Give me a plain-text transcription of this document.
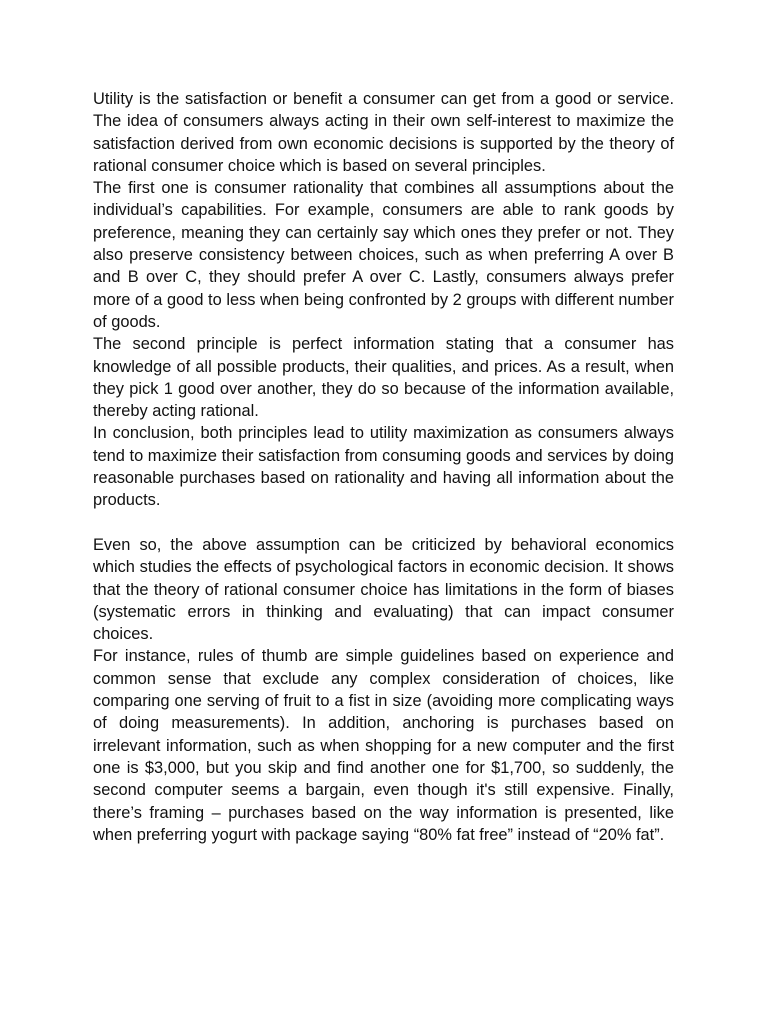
Utility is the satisfaction or benefit a consumer can get from a good or service. The idea of consumers always acting in their own self-interest to maximize the satisfaction derived from own economic decisions is supported by the theory of rational consumer choice which is based on several principles.

The first one is consumer rationality that combines all assumptions about the individual’s capabilities. For example, consumers are able to rank goods by preference, meaning they can certainly say which ones they prefer or not. They also preserve consistency between choices, such as when preferring A over B and B over C, they should prefer A over C. Lastly, consumers always prefer more of a good to less when being confronted by 2 groups with different number of goods.

The second principle is perfect information stating that a consumer has knowledge of all possible products, their qualities, and prices. As a result, when they pick 1 good over another, they do so because of the information available, thereby acting rational.

In conclusion, both principles lead to utility maximization as consumers always tend to maximize their satisfaction from consuming goods and services by doing reasonable purchases based on rationality and having all information about the products.

Even so, the above assumption can be criticized by behavioral economics which studies the effects of psychological factors in economic decision. It shows that the theory of rational consumer choice has limitations in the form of biases (systematic errors in thinking and evaluating) that can impact consumer choices.

For instance, rules of thumb are simple guidelines based on experience and common sense that exclude any complex consideration of choices, like comparing one serving of fruit to a fist in size (avoiding more complicating ways of doing measurements). In addition, anchoring is purchases based on irrelevant information, such as when shopping for a new computer and the first one is $3,000, but you skip and find another one for $1,700, so suddenly, the second computer seems a bargain, even though it's still expensive. Finally, there’s framing – purchases based on the way information is presented, like when preferring yogurt with package saying “80% fat free” instead of “20% fat”.
